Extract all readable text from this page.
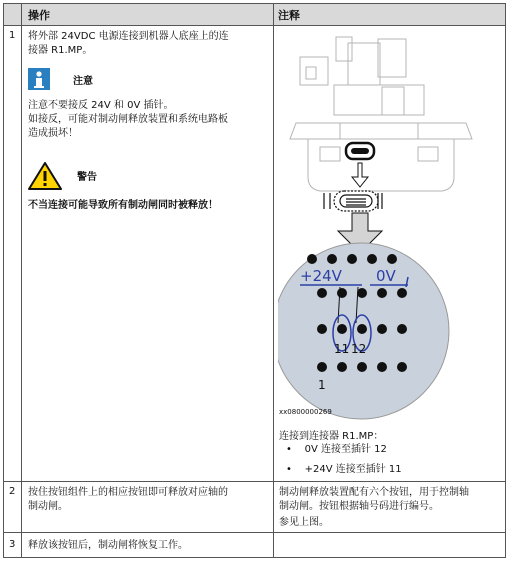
操作	注释
1 将外部 24VDC 电源连接到机器人底座上的连
接器 R1.MP。
注意
注意不要接反 24V 和 0V 插针。
如接反，可能对制动闸释放装置和系统电路板
造成损坏！
警告
不当连接可能导致所有制动闸同时被释放！
+24V 0V
11 12
1
xx0800000269
连接到连接器 R1.MP：
•    0V 连接至插针 12
•    +24V 连接至插针 11
2 按住按钮组件上的相应按钮即可释放对应轴的
制动闸。
制动闸释放装置配有六个按钮，用于控制轴
制动闸。按钮根据轴号码进行编号。
参见上图。
3 释放该按钮后，制动闸将恢复工作。
